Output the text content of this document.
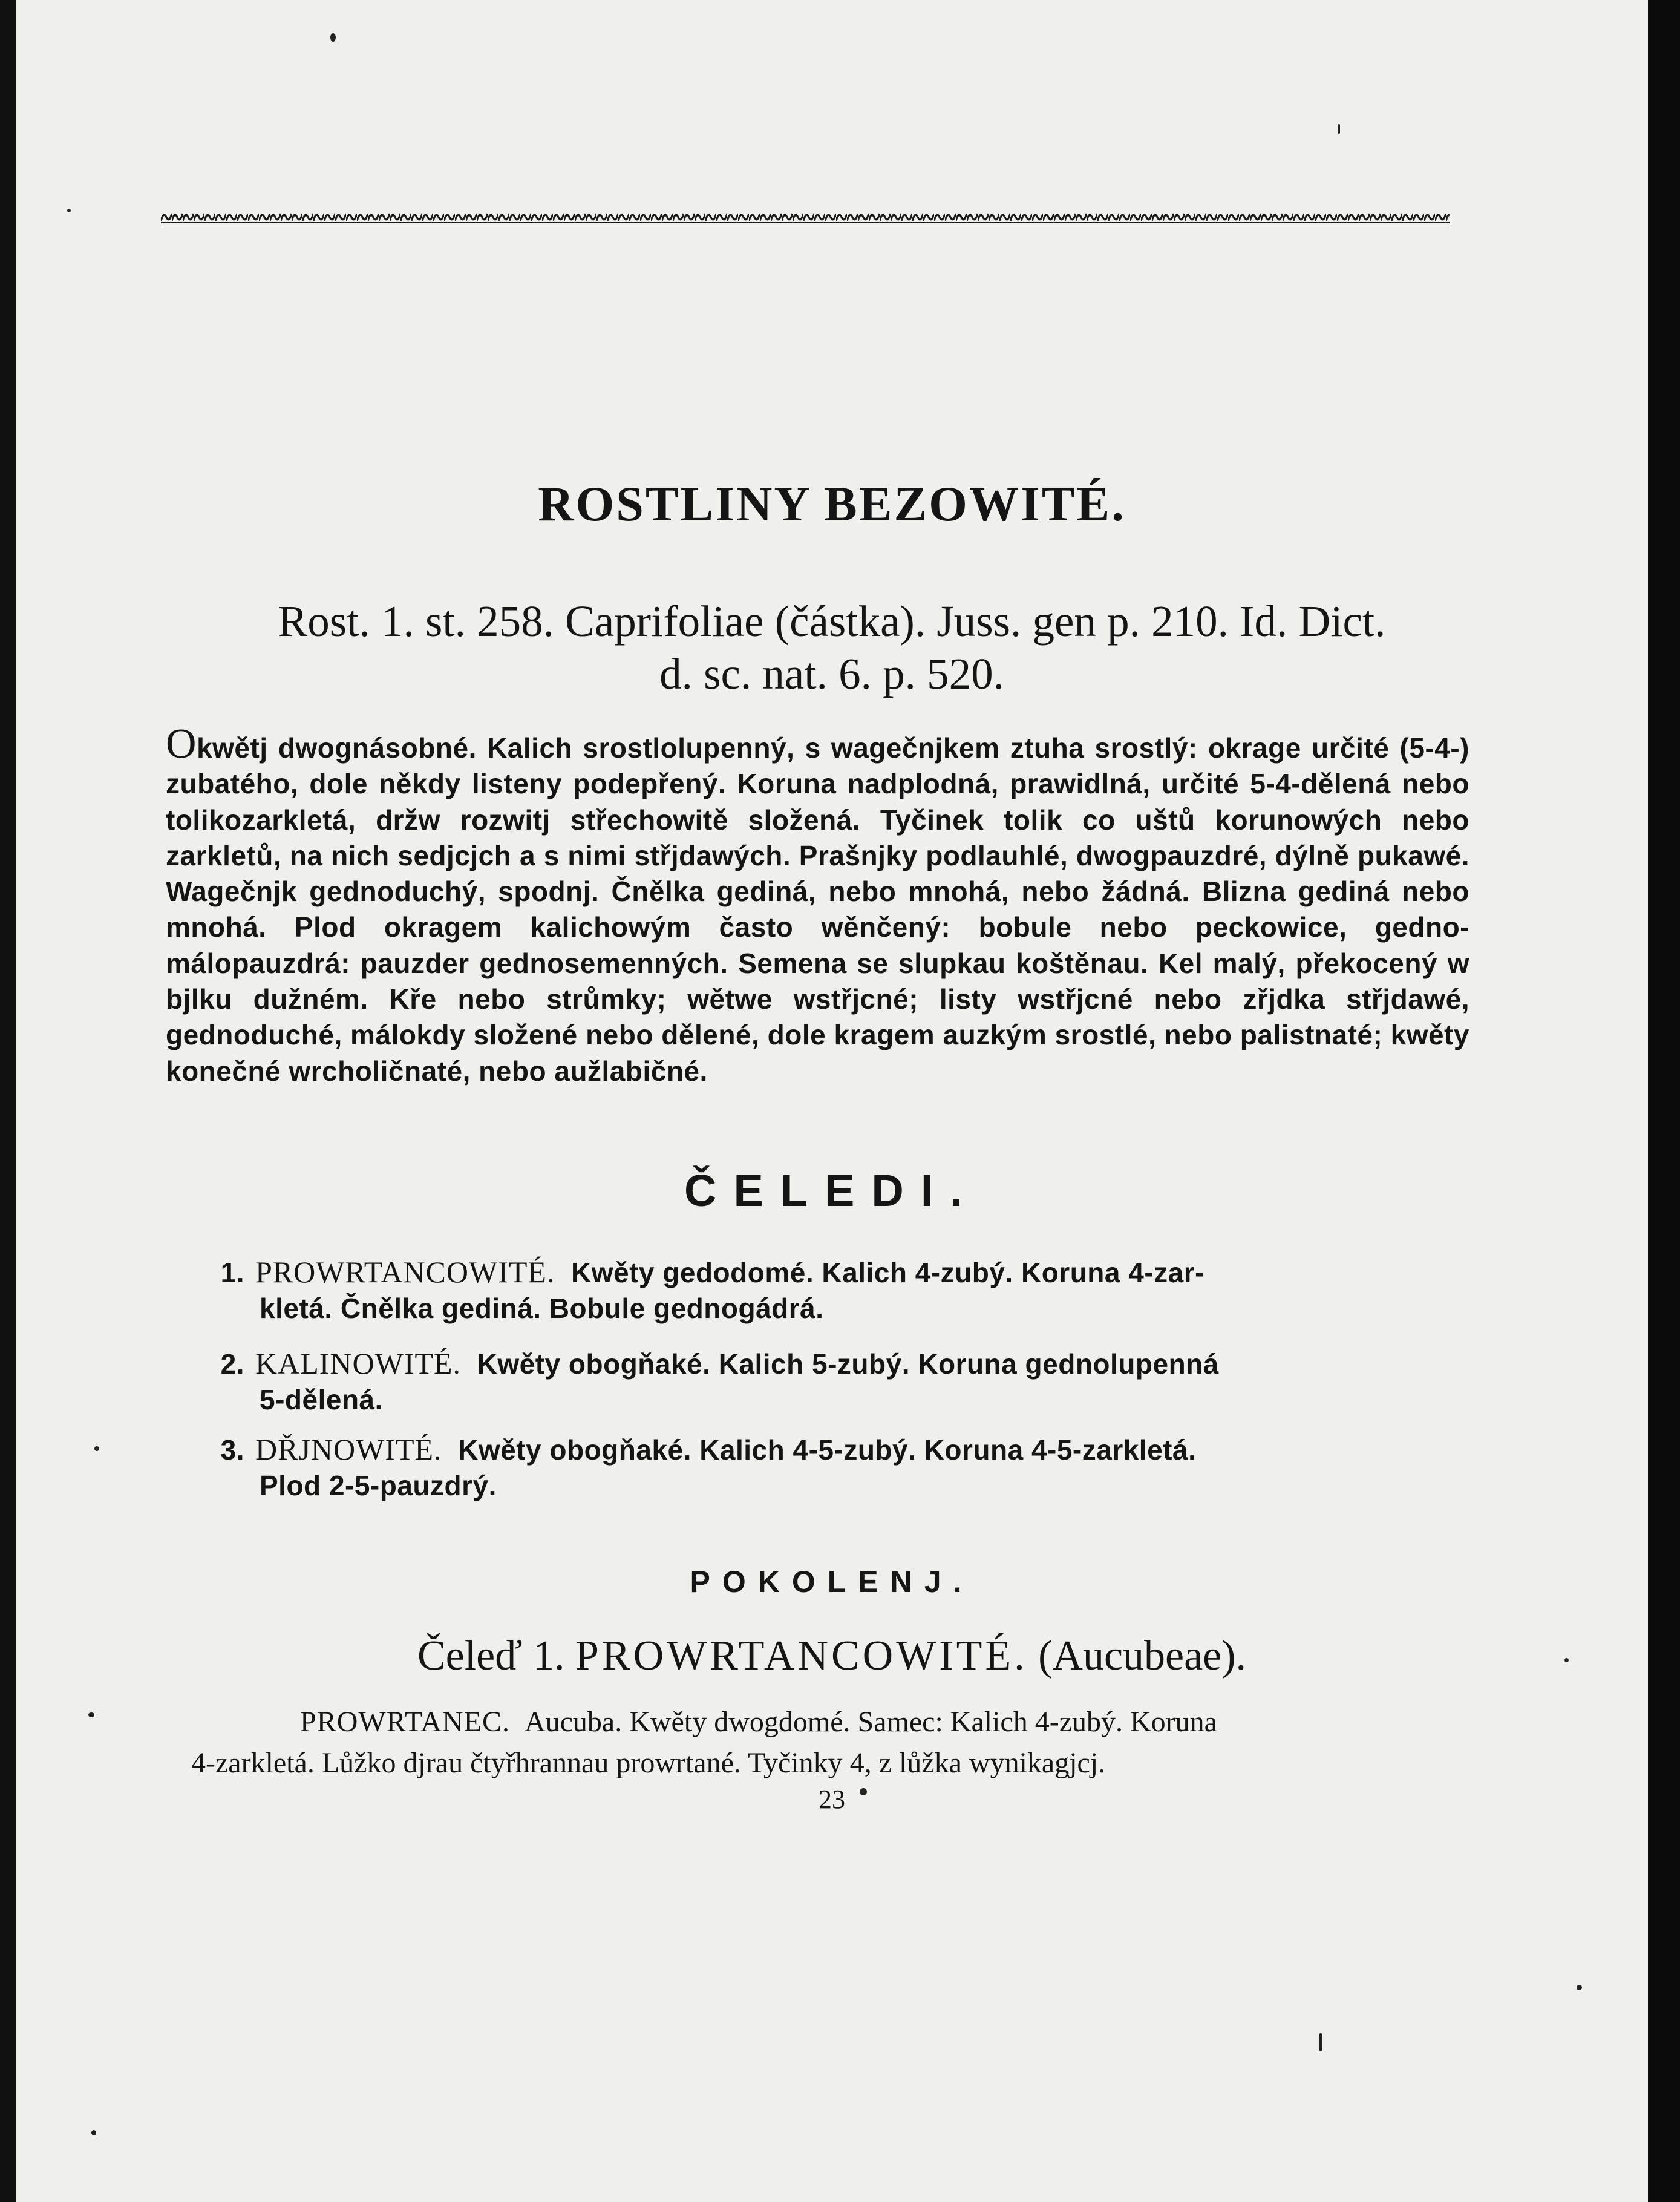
ROSTLINY BEZOWITÉ.

Rost. 1. st. 258. Caprifoliae (částka). Juss. gen p. 210. Id. Dict.

d. sc. nat. 6. p. 520.

Okwětj dwognásobné. Kalich srostlolupenný, s wagečnjkem ztuha srostlý: okrage určité (5-4-) zubatého, dole někdy listeny podepřený. Koruna nadplodná, prawidlná, určité 5-4-dělená nebo tolikozarkletá, držw rozwitj střechowitě složená. Tyčinek tolik co uštů korunowých nebo zarkletů, na nich sedjcjch a s nimi střjdawých. Prašnjky podlauhlé, dwogpauzdré, dýlně pukawé. Wagečnjk gednoduchý, spodnj. Čnělka gediná, nebo mnohá, nebo žádná. Blizna gediná nebo mnohá. Plod okragem kalichowým často wěnčený: bobule nebo peckowice, gedno-málopauzdrá: pauzder gednosemenných. Semena se slupkau koštěnau. Kel malý, překocený w bjlku dužném. Kře nebo strůmky; wětwe wstřjcné; listy wstřjcné nebo zřjdka střjdawé, gednoduché, málokdy složené nebo dělené, dole kragem auzkým srostlé, nebo palistnaté; kwěty konečné wrcholičnaté, nebo aužlabičné.

ČELEDI.

1. PROWRTANCOWITÉ. Kwěty gedodomé. Kalich 4-zubý. Koruna 4-zar-
kletá. Čnělka gediná. Bobule gednogádrá.

2. KALINOWITÉ. Kwěty obogňaké. Kalich 5-zubý. Koruna gednolupenná
5-dělená.

3. DŘJNOWITÉ. Kwěty obogňaké. Kalich 4-5-zubý. Koruna 4-5-zarkletá.
Plod 2-5-pauzdrý.

POKOLENJ.

Čeleď 1. PROWRTANCOWITÉ. (Aucubeae).

PROWRTANEC. Aucuba. Kwěty dwogdomé. Samec: Kalich 4-zubý. Koruna

4-zarkletá. Lůžko djrau čtyřhrannau prowrtané. Tyčinky 4, z lůžka wynikagjcj.

23
